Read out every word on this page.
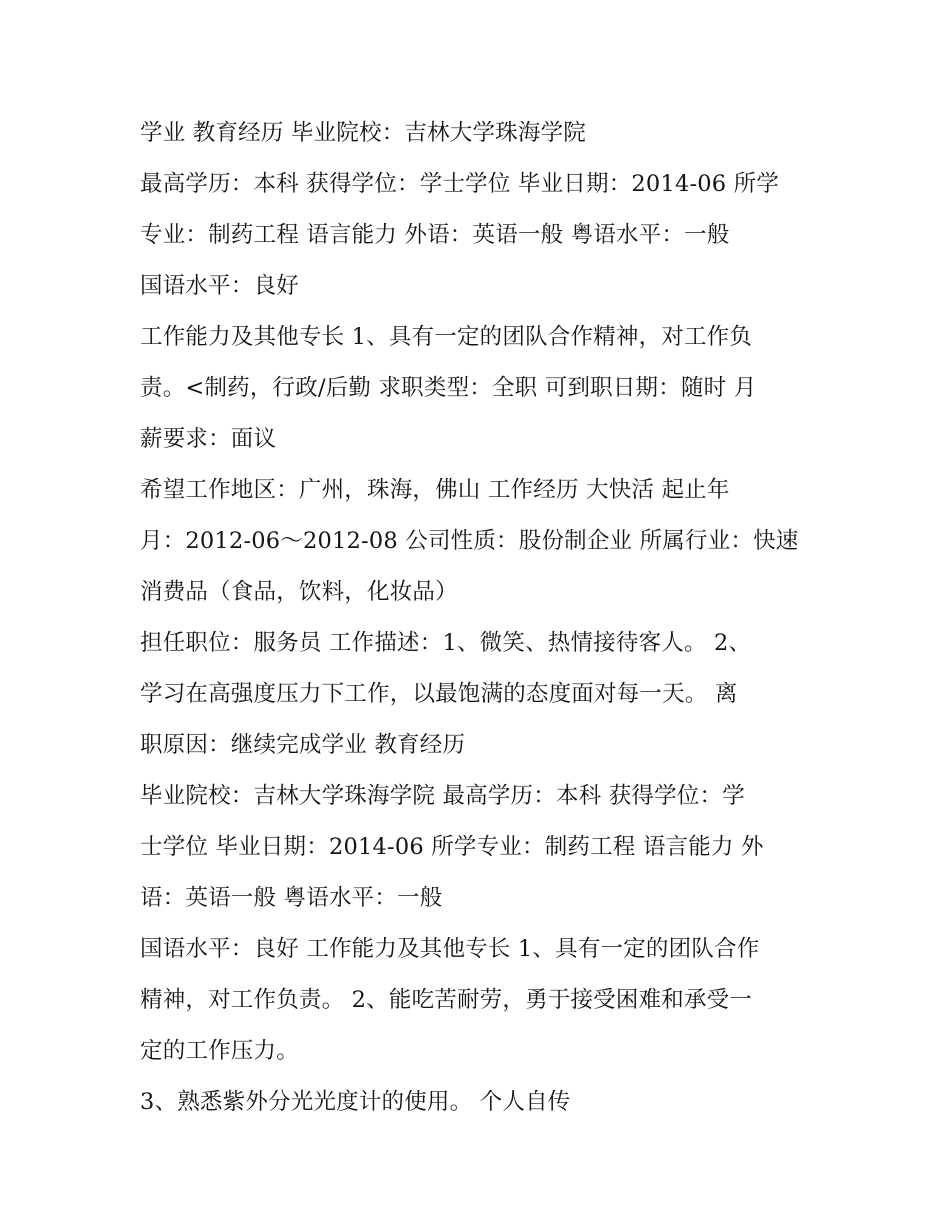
学业 教育经历 毕业院校：吉林大学珠海学院
最高学历：本科 获得学位：学士学位 毕业日期：2014-06 所学
专业：制药工程 语言能力 外语：英语一般 粤语水平：一般
国语水平：良好
工作能力及其他专长 1、具有一定的团队合作精神，对工作负
责。<制药，行政/后勤 求职类型：全职 可到职日期：随时 月
薪要求：面议
希望工作地区：广州，珠海，佛山 工作经历 大快活 起止年
月：2012-06～2012-08 公司性质：股份制企业 所属行业：快速
消费品（食品，饮料，化妆品）
担任职位：服务员 工作描述：1、微笑、热情接待客人。 2、
学习在高强度压力下工作，以最饱满的态度面对每一天。 离
职原因：继续完成学业 教育经历
毕业院校：吉林大学珠海学院 最高学历：本科 获得学位：学
士学位 毕业日期：2014-06 所学专业：制药工程 语言能力 外
语：英语一般 粤语水平：一般
国语水平：良好 工作能力及其他专长 1、具有一定的团队合作
精神，对工作负责。 2、能吃苦耐劳，勇于接受困难和承受一
定的工作压力。
3、熟悉紫外分光光度计的使用。 个人自传
